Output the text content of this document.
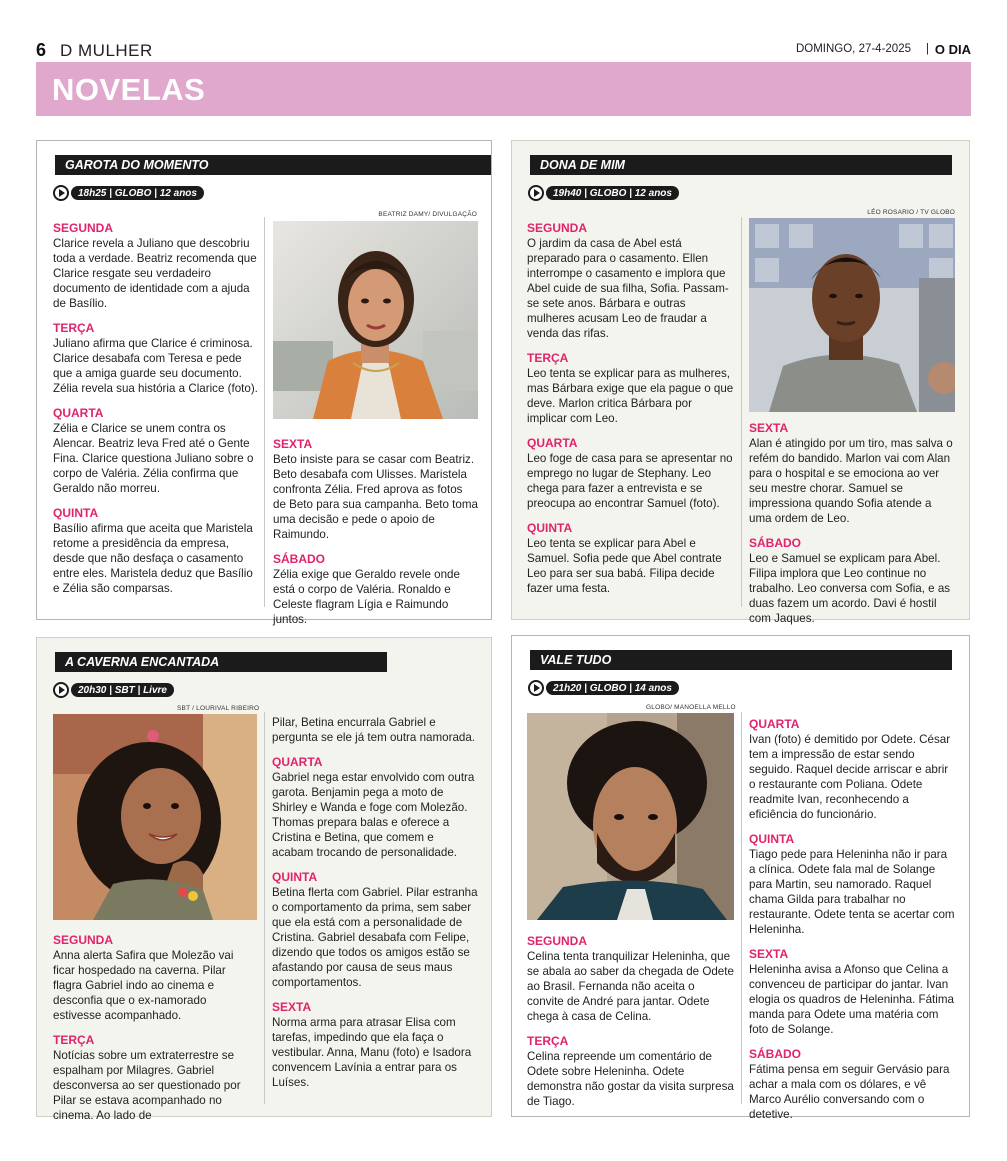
6 D MULHER	DOMINGO, 27-4-2025 | O DIA
NOVELAS
GAROTA DO MOMENTO
18h25 | GLOBO | 12 anos
SEGUNDA
Clarice revela a Juliano que descobriu toda a verdade. Beatriz recomenda que Clarice resgate seu verdadeiro documento de identidade com a ajuda de Basílio.
TERÇA
Juliano afirma que Clarice é criminosa. Clarice desabafa com Teresa e pede que a amiga guarde seu documento. Zélia revela sua história a Clarice (foto).
QUARTA
Zélia e Clarice se unem contra os Alencar. Beatriz leva Fred até o Gente Fina. Clarice questiona Juliano sobre o corpo de Valéria. Zélia confirma que Geraldo não morreu.
QUINTA
Basílio afirma que aceita que Maristela retome a presidência da empresa, desde que não desfaça o casamento entre eles. Maristela deduz que Basílio e Zélia são comparsas.
BEATRIZ DAMY/ DIVULGAÇÃO
SEXTA
Beto insiste para se casar com Beatriz. Beto desabafa com Ulisses. Maristela confronta Zélia. Fred aprova as fotos de Beto para sua campanha. Beto toma uma decisão e pede o apoio de Raimundo.
SÁBADO
Zélia exige que Geraldo revele onde está o corpo de Valéria. Ronaldo e Celeste flagram Lígia e Raimundo juntos.
DONA DE MIM
19h40 | GLOBO | 12 anos
SEGUNDA
O jardim da casa de Abel está preparado para o casamento. Ellen interrompe o casamento e implora que Abel cuide de sua filha, Sofia. Passam-se sete anos. Bárbara e outras mulheres acusam Leo de fraudar a venda das rifas.
TERÇA
Leo tenta se explicar para as mulheres, mas Bárbara exige que ela pague o que deve. Marlon critica Bárbara por implicar com Leo.
QUARTA
Leo foge de casa para se apresentar no emprego no lugar de Stephany. Leo chega para fazer a entrevista e se preocupa ao encontrar Samuel (foto).
QUINTA
Leo tenta se explicar para Abel e Samuel. Sofia pede que Abel contrate Leo para ser sua babá. Filipa decide fazer uma festa.
LÉO ROSARIO / TV GLOBO
SEXTA
Alan é atingido por um tiro, mas salva o refém do bandido. Marlon vai com Alan para o hospital e se emociona ao ver seu mestre chorar. Samuel se impressiona quando Sofia atende a uma ordem de Leo.
SÁBADO
Leo e Samuel se explicam para Abel. Filipa implora que Leo continue no trabalho. Leo conversa com Sofia, e as duas fazem um acordo. Davi é hostil com Jaques.
A CAVERNA ENCANTADA
20h30 | SBT | Livre
SBT / LOURIVAL RIBEIRO
SEGUNDA
Anna alerta Safira que Molezão vai ficar hospedado na caverna. Pilar flagra Gabriel indo ao cinema e desconfia que o ex-namorado estivesse acompanhado.
TERÇA
Notícias sobre um extraterrestre se espalham por Milagres. Gabriel desconversa ao ser questionado por Pilar se estava acompanhado no cinema. Ao lado de
Pilar, Betina encurrala Gabriel e pergunta se ele já tem outra namorada.
QUARTA
Gabriel nega estar envolvido com outra garota. Benjamin pega a moto de Shirley e Wanda e foge com Molezão. Thomas prepara balas e oferece a Cristina e Betina, que comem e acabam trocando de personalidade.
QUINTA
Betina flerta com Gabriel. Pilar estranha o comportamento da prima, sem saber que ela está com a personalidade de Cristina. Gabriel desabafa com Felipe, dizendo que todos os amigos estão se afastando por causa de seus maus comportamentos.
SEXTA
Norma arma para atrasar Elisa com tarefas, impedindo que ela faça o vestibular. Anna, Manu (foto) e Isadora convencem Lavínia a entrar para os Luíses.
VALE TUDO
21h20 | GLOBO | 14 anos
GLOBO/ MANOELLA MELLO
SEGUNDA
Celina tenta tranquilizar Heleninha, que se abala ao saber da chegada de Odete ao Brasil. Fernanda não aceita o convite de André para jantar. Odete chega à casa de Celina.
TERÇA
Celina repreende um comentário de Odete sobre Heleninha. Odete demonstra não gostar da visita surpresa de Tiago.
QUARTA
Ivan (foto) é demitido por Odete. César tem a impressão de estar sendo seguido. Raquel decide arriscar e abrir o restaurante com Poliana. Odete readmite Ivan, reconhecendo a eficiência do funcionário.
QUINTA
Tiago pede para Heleninha não ir para a clínica. Odete fala mal de Solange para Martin, seu namorado. Raquel chama Gilda para trabalhar no restaurante. Odete tenta se acertar com Heleninha.
SEXTA
Heleninha avisa a Afonso que Celina a convenceu de participar do jantar. Ivan elogia os quadros de Heleninha. Fátima manda para Odete uma matéria com foto de Solange.
SÁBADO
Fátima pensa em seguir Gervásio para achar a mala com os dólares, e vê Marco Aurélio conversando com o detetive.
